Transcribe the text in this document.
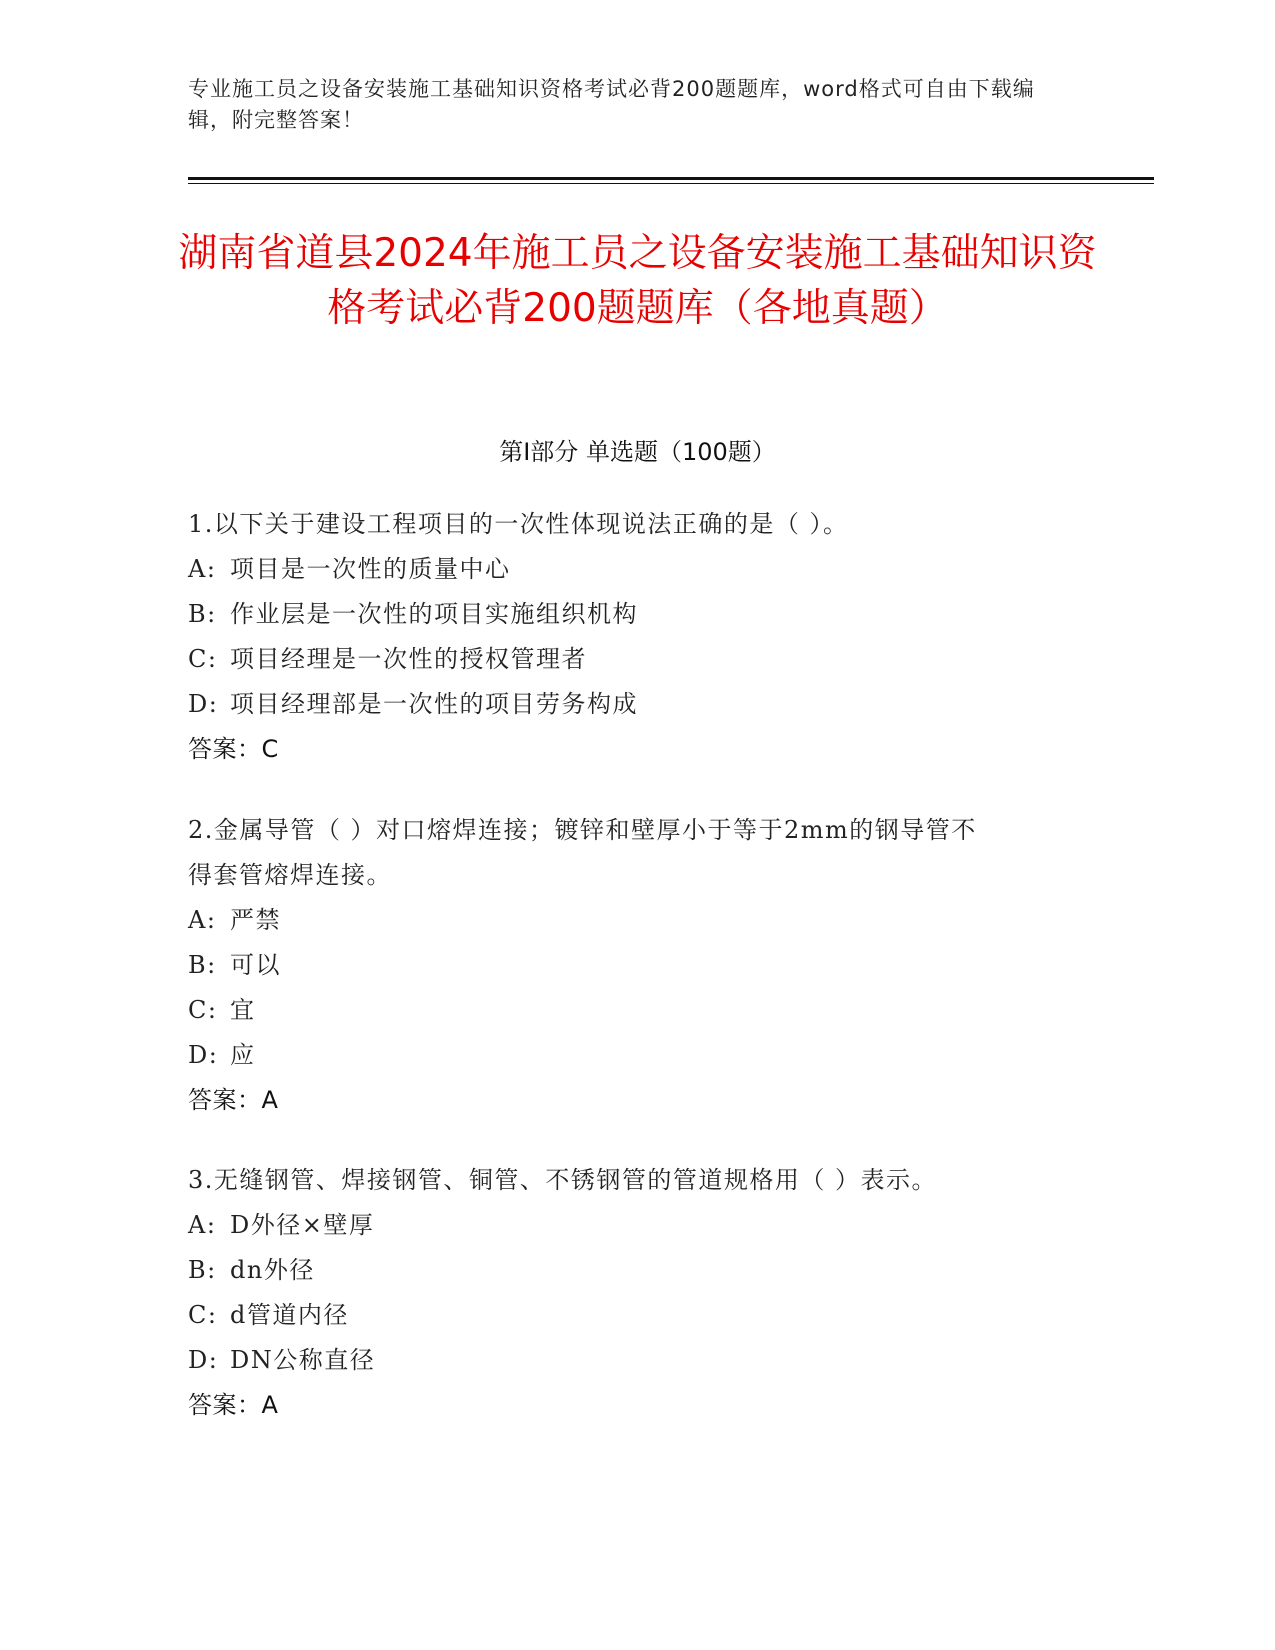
专业施工员之设备安装施工基础知识资格考试必背200题题库，word格式可自由下载编辑，附完整答案！
湖南省道县2024年施工员之设备安装施工基础知识资格考试必背200题题库（各地真题）
第I部分 单选题（100题）
1.以下关于建设工程项目的一次性体现说法正确的是（ ）。
A: 项目是一次性的质量中心
B: 作业层是一次性的项目实施组织机构
C: 项目经理是一次性的授权管理者
D: 项目经理部是一次性的项目劳务构成
答案：C
2.金属导管（ ）对口熔焊连接；镀锌和壁厚小于等于2mm的钢导管不
得套管熔焊连接。
A: 严禁
B: 可以
C: 宜
D: 应
答案：A
3.无缝钢管、焊接钢管、铜管、不锈钢管的管道规格用（ ）表示。
A: D外径×壁厚
B: dn外径
C: d管道内径
D: DN公称直径
答案：A
